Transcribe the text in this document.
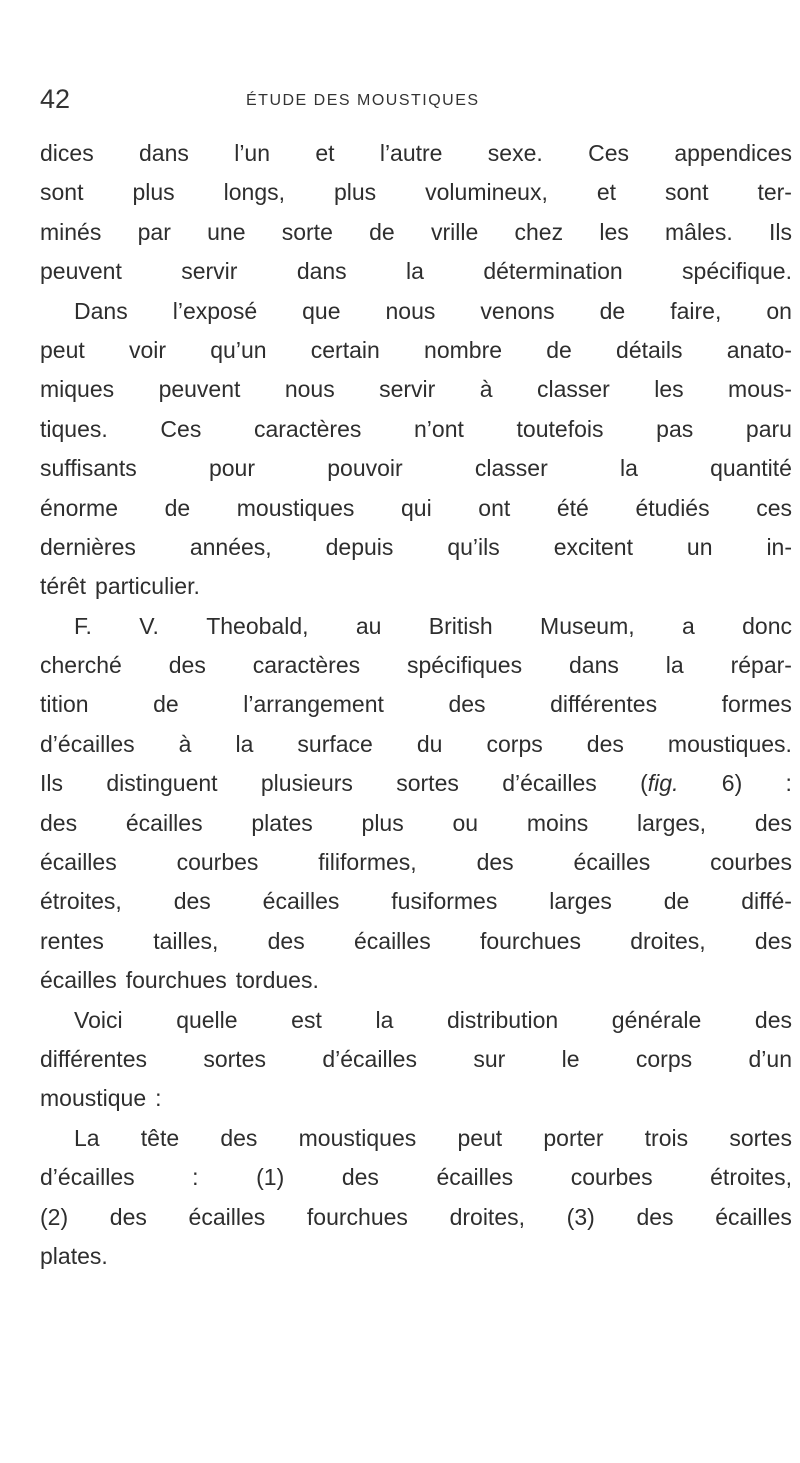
42	ÉTUDE DES MOUSTIQUES
dices dans l’un et l’autre sexe. Ces appendices
sont plus longs, plus volumineux, et sont ter-
minés par une sorte de vrille chez les mâles. Ils
peuvent	servir	dans	la	détermination	spécifique.
Dans l’exposé que nous venons de faire, on
peut voir qu’un certain nombre de détails anato-
miques peuvent nous servir à classer les mous-
tiques. Ces caractères n’ont toutefois pas paru
suffisants	pour	pouvoir	classer	la	quantité
énorme de moustiques qui ont été étudiés ces
dernières années, depuis qu’ils excitent un in-
térêt particulier.
F. V. Theobald, au British Museum, a donc
cherché des caractères spécifiques dans la répar-
tition	de	l’arrangement	des	différentes	formes
d’écailles à la surface du corps des moustiques.
Ils distinguent plusieurs sortes d’écailles (fig. 6) :
des écailles plates plus ou moins larges, des
écailles	courbes	filiformes,	des	écailles	courbes
étroites, des écailles fusiformes larges de diffé-
rentes tailles, des écailles fourchues droites, des
écailles fourchues tordues.
Voici quelle est la distribution générale des
différentes sortes d’écailles sur le corps d’un
moustique :
La tête des moustiques peut porter trois sortes
d’écailles	:	(1)	des	écailles	courbes	étroites,
(2) des écailles fourchues droites, (3) des écailles
plates.
